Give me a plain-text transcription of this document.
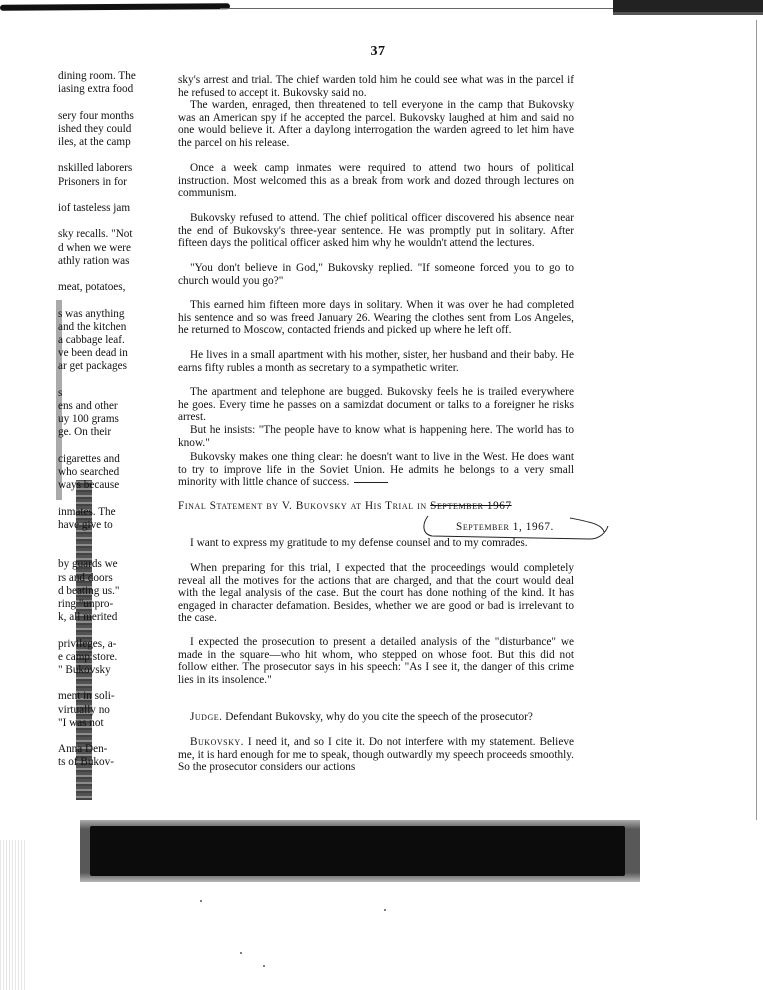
37
dining room. The
iasing extra food
sery four months
ished they could
iles, at the camp
nskilled laborers
Prisoners in for
iof tasteless jam
sky recalls. "Not
d when we were
athly ration was
meat, potatoes,
s was anything
and the kitchen
a cabbage leaf.
ve been dead in
ar get packages
s
ens and other
uy 100 grams
ge. On their
cigarettes and
who searched
ways because
inmates. The
have give to
by guards we
rs and doors
d beating us."
ring "unpro-
k, all merited
privileges, a-
e camp store.
" Bukovsky
ment in soli-
virtually no
"I was not
Anna Den-
ts of Bukov-

sky's arrest and trial. The chief warden told him he could see what was in the parcel if he refused to accept it. Bukovsky said no.

The warden, enraged, then threatened to tell everyone in the camp that Bukovsky was an American spy if he accepted the parcel. Bukovsky laughed at him and said no one would believe it. After a daylong interrogation the warden agreed to let him have the parcel on his release.

Once a week camp inmates were required to attend two hours of political instruction. Most welcomed this as a break from work and dozed through lectures on communism.

Bukovsky refused to attend. The chief political officer discovered his absence near the end of Bukovsky's three-year sentence. He was promptly put in solitary. After fifteen days the political officer asked him why he wouldn't attend the lectures.

"You don't believe in God," Bukovsky replied. "If someone forced you to go to church would you go?"

This earned him fifteen more days in solitary. When it was over he had completed his sentence and so was freed January 26. Wearing the clothes sent from Los Angeles, he returned to Moscow, contacted friends and picked up where he left off.

He lives in a small apartment with his mother, sister, her husband and their baby. He earns fifty rubles a month as secretary to a sympathetic writer.

The apartment and telephone are bugged. Bukovsky feels he is trailed everywhere he goes. Every time he passes on a samizdat document or talks to a foreigner he risks arrest.

But he insists: "The people have to know what is happening here. The world has to know."

Bukovsky makes one thing clear: he doesn't want to live in the West. He does want to try to improve life in the Soviet Union. He admits he belongs to a very small minority with little chance of success.

I want to express my gratitude to my defense counsel and to my comrades.

When preparing for this trial, I expected that the proceedings would completely reveal all the motives for the actions that are charged, and that the court would deal with the legal analysis of the case. But the court has done nothing of the kind. It has engaged in character defamation. Besides, whether we are good or bad is irrelevant to the case.

I expected the prosecution to present a detailed analysis of the "disturbance" we made in the square—who hit whom, who stepped on whose foot. But this did not follow either. The prosecutor says in his speech: "As I see it, the danger of this crime lies in its insolence."

Judge. Defendant Bukovsky, why do you cite the speech of the prosecutor?

Bukovsky. I need it, and so I cite it. Do not interfere with my statement. Believe me, it is hard enough for me to speak, though outwardly my speech proceeds smoothly. So the prosecutor considers our actions

Final Statement by V. Bukovsky at His Trial in September 1967
September 1, 1967.
